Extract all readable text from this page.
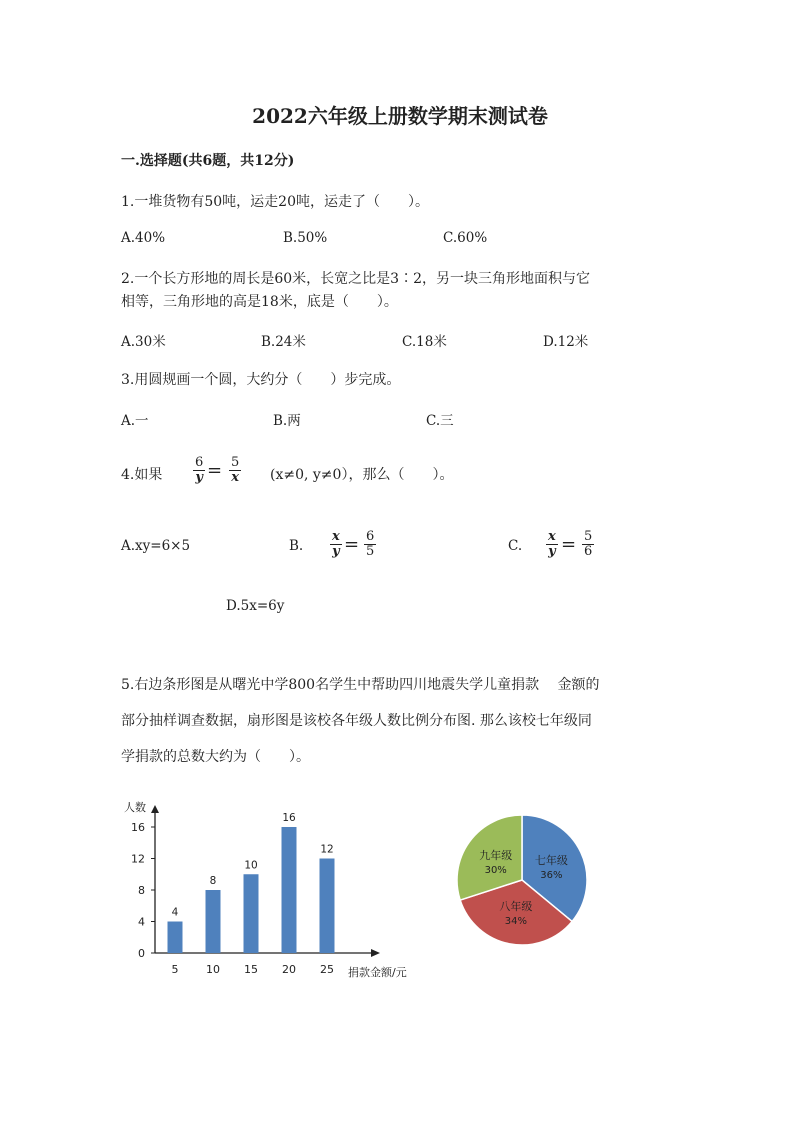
2022六年级上册数学期末测试卷
一.选择题(共6题，共12分)
1.一堆货物有50吨，运走20吨，运走了（　　）。
A.40%	B.50%	C.60%
2.一个长方形地的周长是60米，长宽之比是3∶2，另一块三角形地面积与它
相等，三角形地的高是18米，底是（　　）。
A.30米	B.24米	C.18米	D.12米
3.用圆规画一个圆，大约分（　　）步完成。
A.一	B.两	C.三
4.如果 $\frac{6}{y} = \frac{5}{x} (x\ne 0$, y≠0），那么（　　）。
A.xy=6×5	B. $\frac{x}{y} = \frac{6}{5}$	C. $\frac{x}{y} = \frac{5}{6}$
D.5x=6y
5.右边条形图是从曙光中学800名学生中帮助四川地震失学儿童捐款　 金额的
部分抽样调查数据，扇形图是该校各年级人数比例分布图. 那么该校七年级同
学捐款的总数大约为（　　）。
人数
0
4
8
12
16
4
5
8
10
10
15
16
20
12
25 捐款金额/元
七年级
36%
八年级
34%
九年级
30%
